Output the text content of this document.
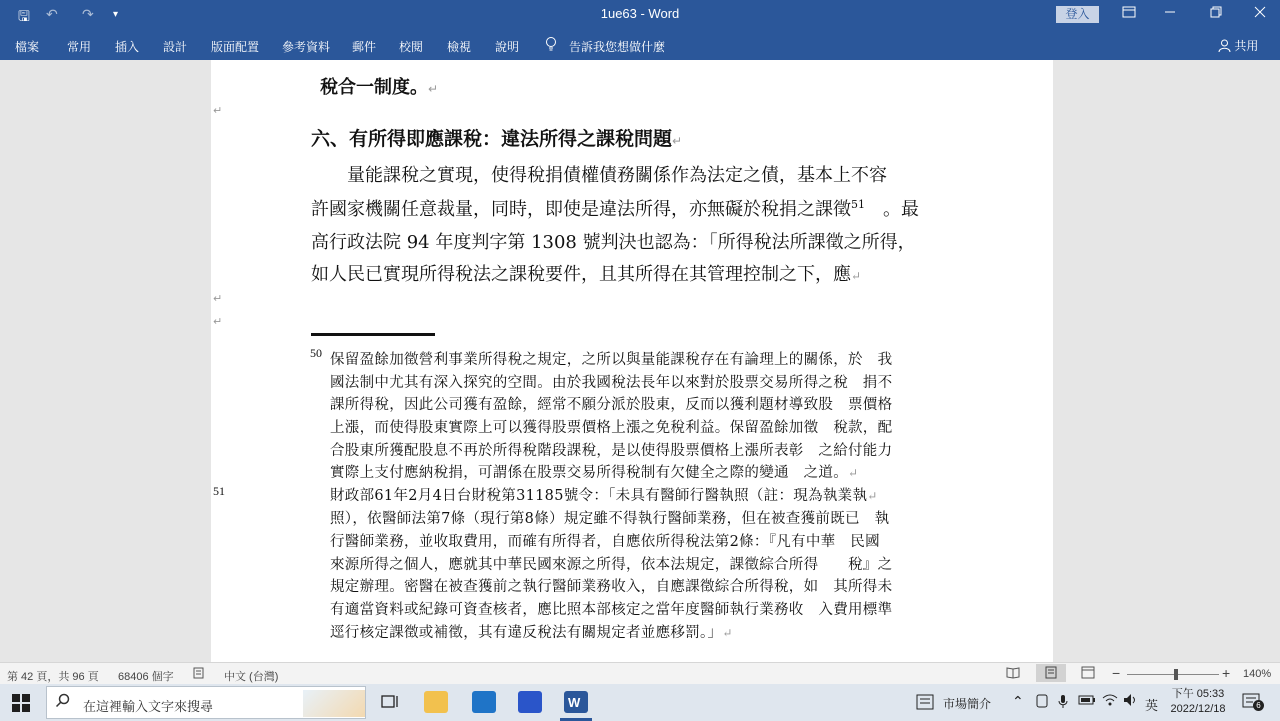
🖫 ↶ ↷ ▾	1ue63 - Word	登入
檔案 常用 插入 設計 版面配置 參考資料 郵件 校閱 檢視 說明	告訴我您想做什麼	共用
稅合一制度。↵
↵
六、有所得即應課稅：違法所得之課稅問題↵
　　量能課稅之實現，使得稅捐債權債務關係作為法定之債，基本上不容
許國家機關任意裁量，同時，即使是違法所得，亦無礙於稅捐之課徵$^{51}$　。最
高行政法院 94 年度判字第 1308 號判決也認為：「所得稅法所課徵之所得，
如人民已實現所得稅法之課稅要件，且其所得在其管理控制之下，應↵
↵
↵
50 保留盈餘加徵營利事業所得稅之規定，之所以與量能課稅存在有論理上的關係，於　我
國法制中尤其有深入探究的空間。由於我國稅法長年以來對於股票交易所得之稅　捐不
課所得稅，因此公司獲有盈餘，經常不願分派於股東，反而以獲利題材導致股　票價格
上漲，而使得股東實際上可以獲得股票價格上漲之免稅利益。保留盈餘加徵　稅款，配
合股東所獲配股息不再於所得稅階段課稅，是以使得股票價格上漲所表彰　之給付能力
實際上支付應納稅捐，可謂係在股票交易所得稅制有欠健全之際的變通　之道。↵
51	財政部61年2月4日台財稅第31185號令：「未具有醫師行醫執照（註：現為執業執↵
照），依醫師法第7條（現行第8條）規定雖不得執行醫師業務，但在被查獲前既已　執
行醫師業務，並收取費用，而確有所得者，自應依所得稅法第2條：『凡有中華　民國
來源所得之個人，應就其中華民國來源之所得，依本法規定，課徵綜合所得　　稅』之
規定辦理。密醫在被查獲前之執行醫師業務收入，自應課徵綜合所得稅，如　其所得未
有適當資料或紀錄可資查核者，應比照本部核定之當年度醫師執行業務收　入費用標準
逕行核定課徵或補徵，其有違反稅法有關規定者並應移罰。」↵
第 42 頁，共 96 頁 68406 個字	中文 (台灣)	−	+ 140%
在這裡輸入文字來搜尋	W	市場簡介 ⌃	英
下午 05:33
2022/12/18	6
